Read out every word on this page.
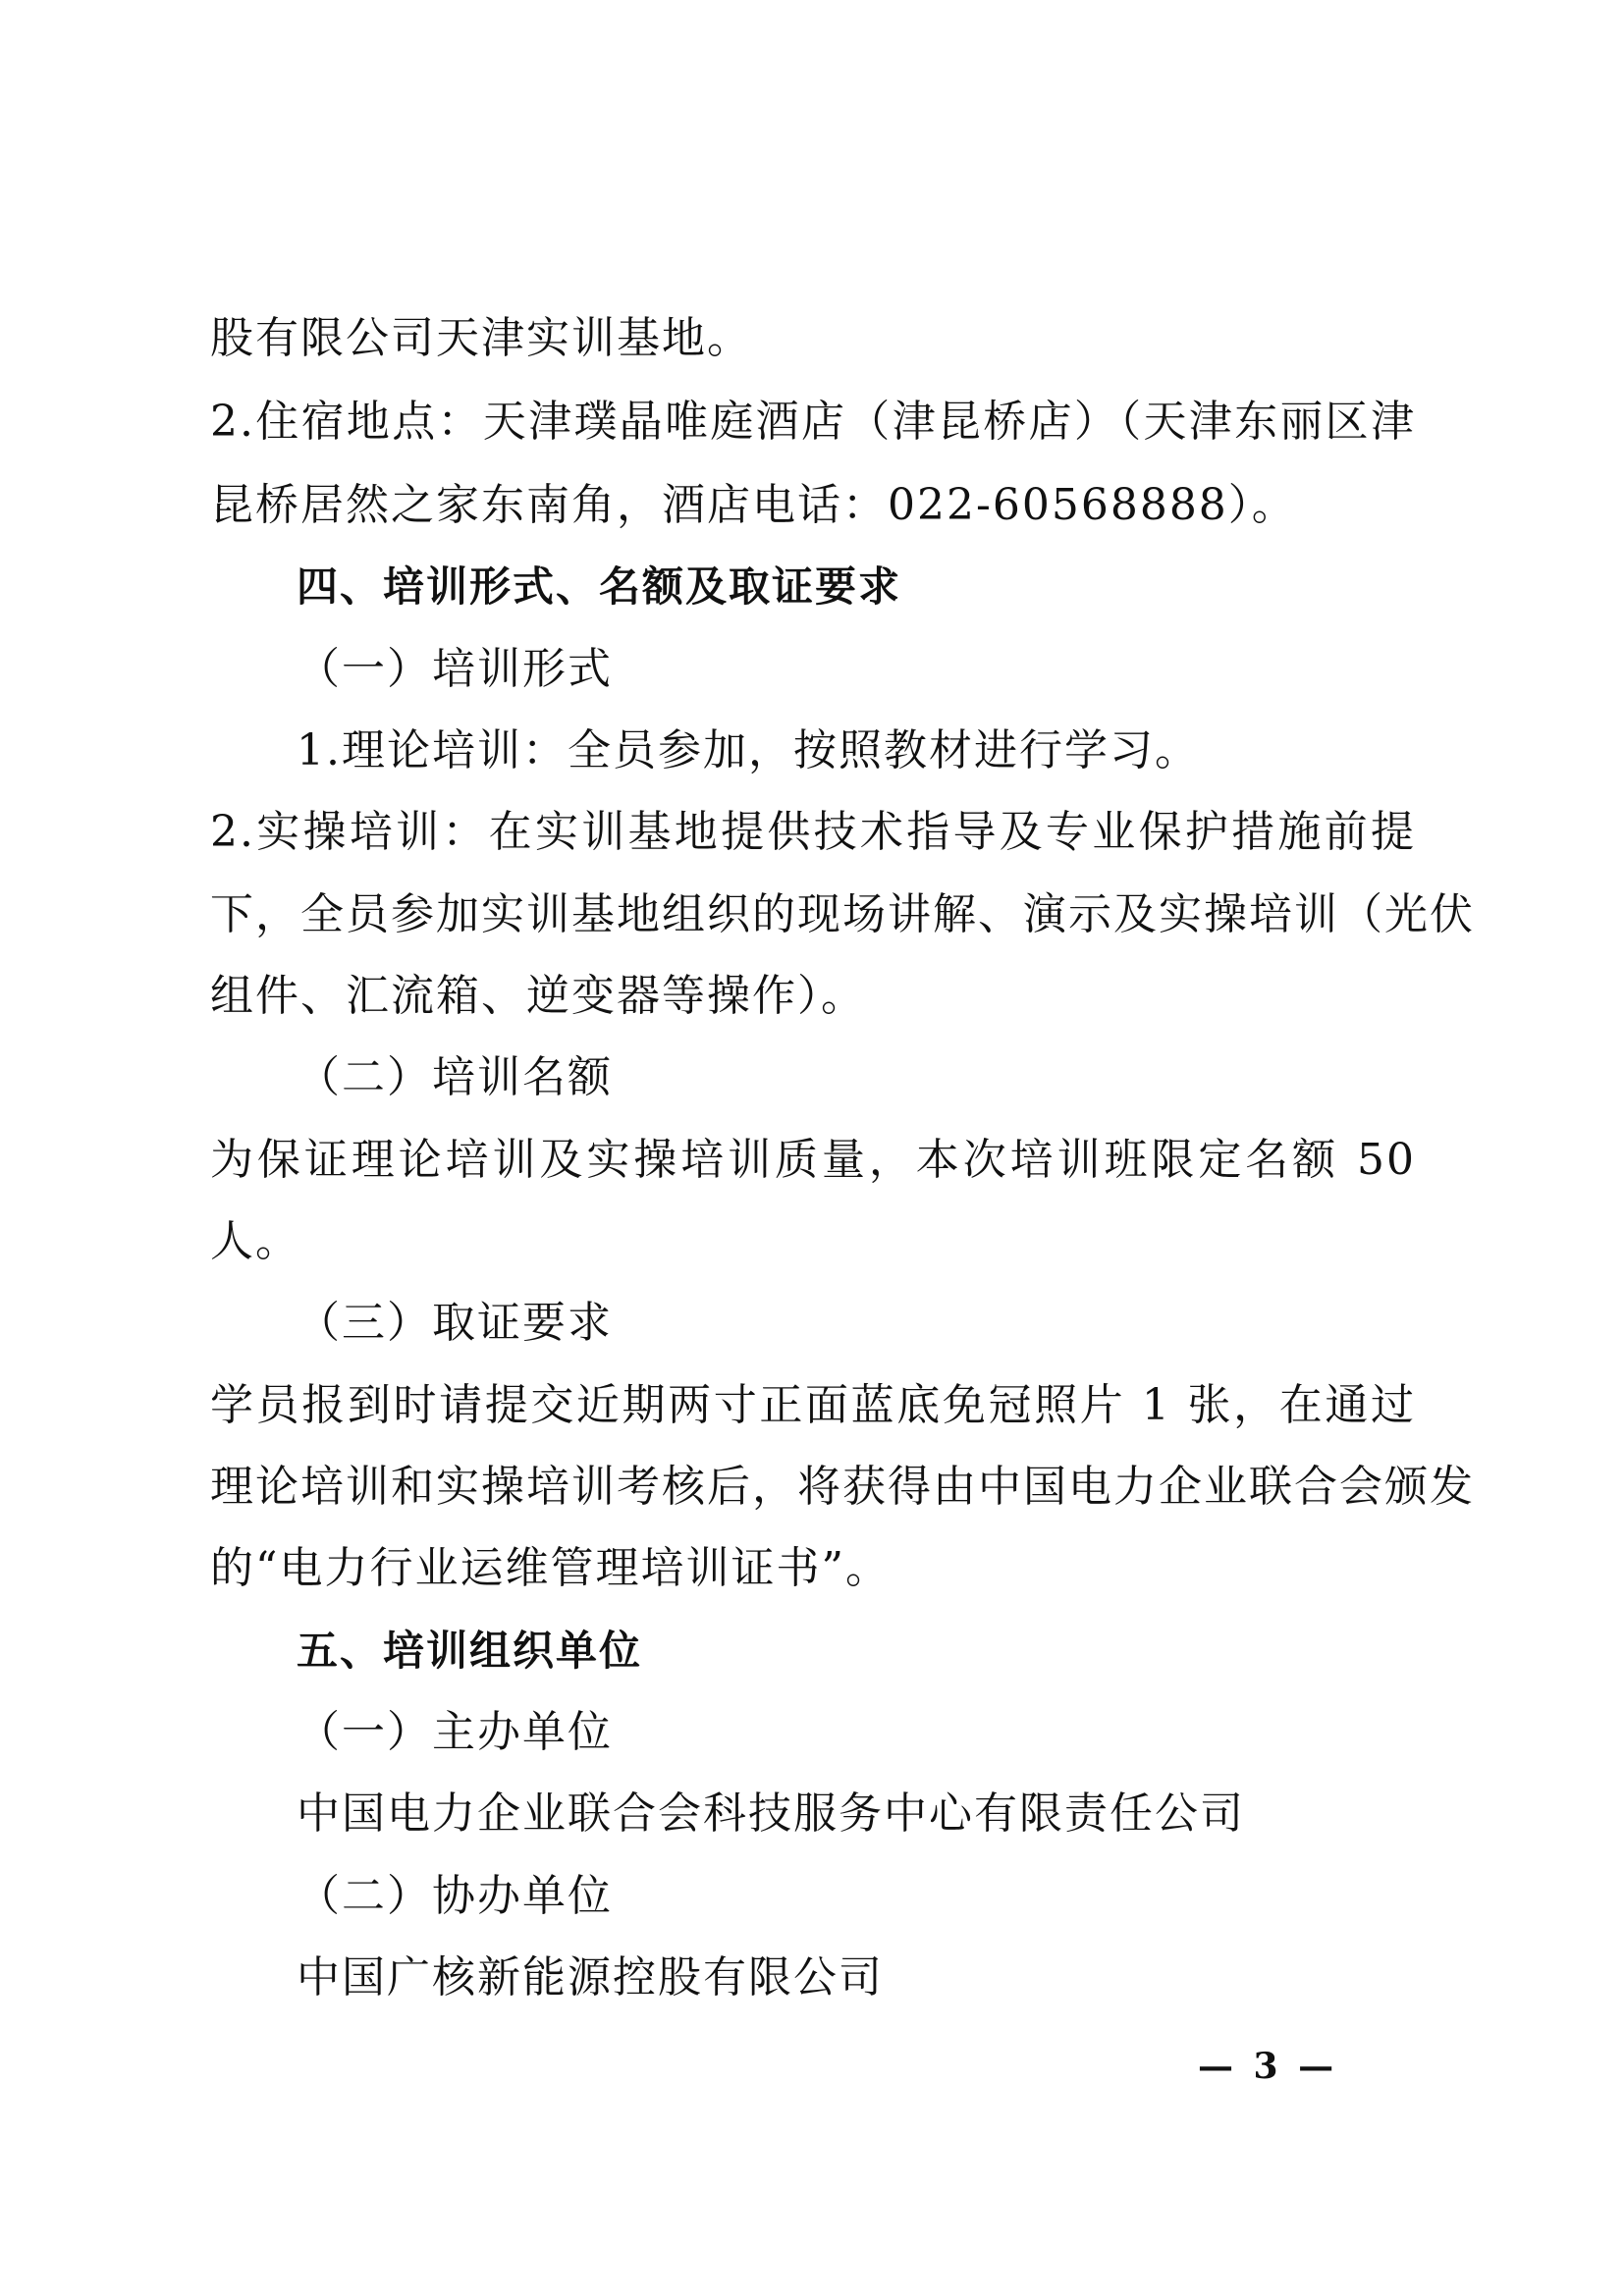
股有限公司天津实训基地。
2.住宿地点：天津璞晶唯庭酒店（津昆桥店）（天津东丽区津
昆桥居然之家东南角，酒店电话：022-60568888）。
四、培训形式、名额及取证要求
（一）培训形式
1.理论培训：全员参加，按照教材进行学习。
2.实操培训：在实训基地提供技术指导及专业保护措施前提
下，全员参加实训基地组织的现场讲解、演示及实操培训（光伏
组件、汇流箱、逆变器等操作）。
（二）培训名额
为保证理论培训及实操培训质量，本次培训班限定名额 50
人。
（三）取证要求
学员报到时请提交近期两寸正面蓝底免冠照片 1 张，在通过
理论培训和实操培训考核后，将获得由中国电力企业联合会颁发
的“电力行业运维管理培训证书”。
五、培训组织单位
（一）主办单位
中国电力企业联合会科技服务中心有限责任公司
（二）协办单位
中国广核新能源控股有限公司
— 3 —
